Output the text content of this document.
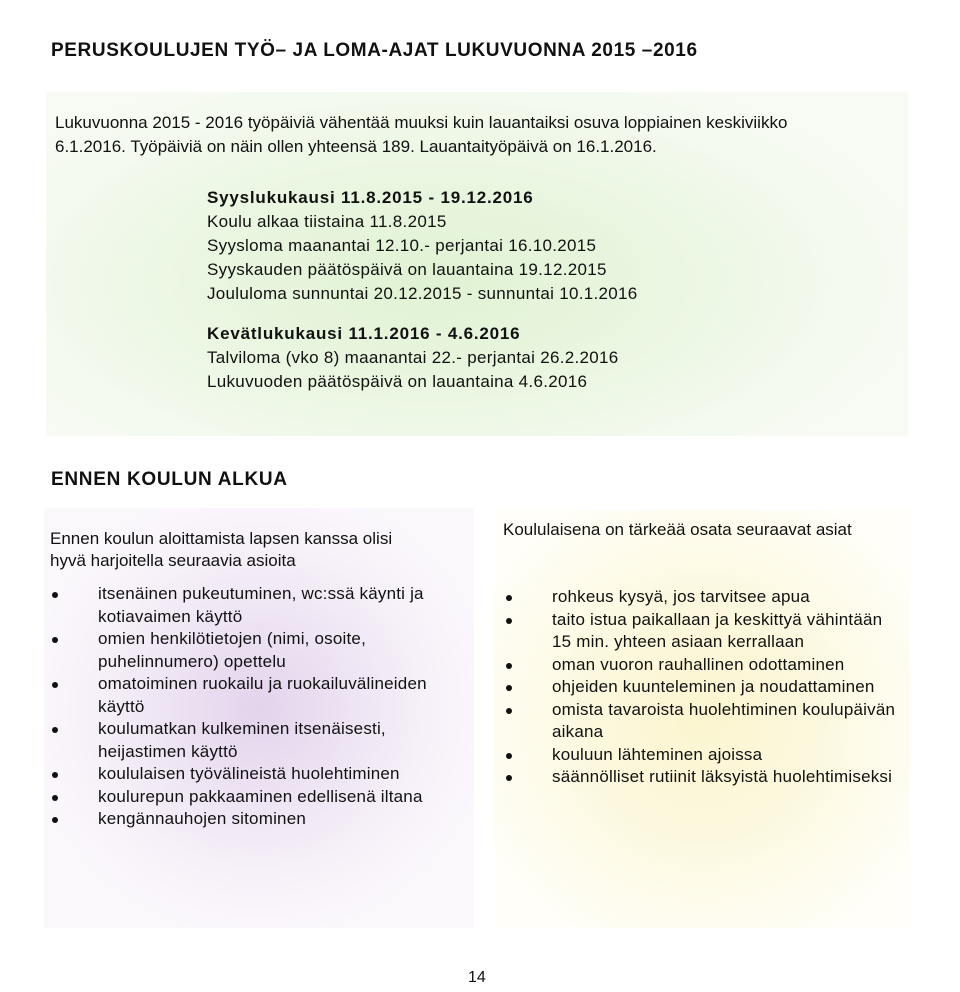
PERUSKOULUJEN TYÖ– JA LOMA-AJAT LUKUVUONNA 2015 –2016

Lukuvuonna 2015 - 2016 työpäiviä vähentää muuksi kuin lauantaiksi osuva loppiainen keskiviikko 6.1.2016. Työpäiviä on näin ollen yhteensä 189. Lauantaityöpäivä on 16.1.2016.

Syyslukukausi 11.8.2015 - 19.12.2016
Koulu alkaa tiistaina 11.8.2015
Syysloma maanantai 12.10.- perjantai 16.10.2015
Syyskauden päätöspäivä on lauantaina 19.12.2015
Joululoma sunnuntai 20.12.2015 - sunnuntai 10.1.2016
Kevätlukukausi 11.1.2016 - 4.6.2016
Talviloma (vko 8) maanantai 22.- perjantai 26.2.2016
Lukuvuoden päätöspäivä on lauantaina 4.6.2016
ENNEN KOULUN ALKUA

Ennen koulun aloittamista lapsen kanssa olisi hyvä harjoitella seuraavia asioita

itsenäinen pukeutuminen, wc:ssä käynti ja kotiavaimen käyttö
omien henkilötietojen (nimi, osoite, puhelinnumero) opettelu
omatoiminen ruokailu ja ruokailuvälineiden käyttö
koulumatkan kulkeminen itsenäisesti, heijastimen käyttö
koululaisen työvälineistä huolehtiminen
koulurepun pakkaaminen edellisenä iltana
kengännauhojen sitominen

Koululaisena on tärkeää osata seuraavat asiat

rohkeus kysyä, jos tarvitsee apua
taito istua paikallaan ja keskittyä vähintään 15 min. yhteen asiaan kerrallaan
oman vuoron rauhallinen odottaminen
ohjeiden kuunteleminen ja noudattaminen
omista tavaroista huolehtiminen koulupäivän aikana
kouluun lähteminen ajoissa
säännölliset rutiinit läksyistä huolehtimiseksi
14
